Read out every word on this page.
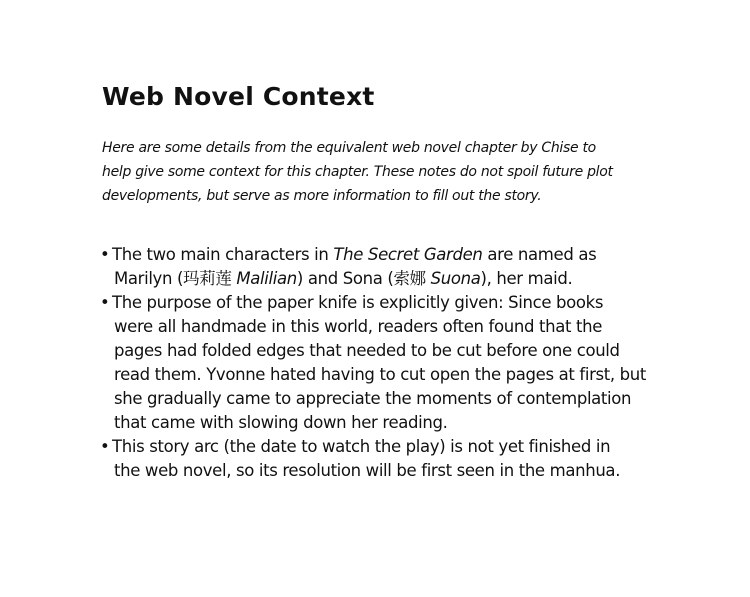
Web Novel Context

Here are some details from the equivalent web novel chapter by Chise to
help give some context for this chapter. These notes do not spoil future plot
developments, but serve as more information to fill out the story.

• The two main characters in The Secret Garden are named as
Marilyn (玛莉莲 Malilian) and Sona (索娜 Suona), her maid.
• The purpose of the paper knife is explicitly given: Since books
were all handmade in this world, readers often found that the
pages had folded edges that needed to be cut before one could
read them. Yvonne hated having to cut open the pages at first, but
she gradually came to appreciate the moments of contemplation
that came with slowing down her reading.
• This story arc (the date to watch the play) is not yet finished in
the web novel, so its resolution will be first seen in the manhua.
